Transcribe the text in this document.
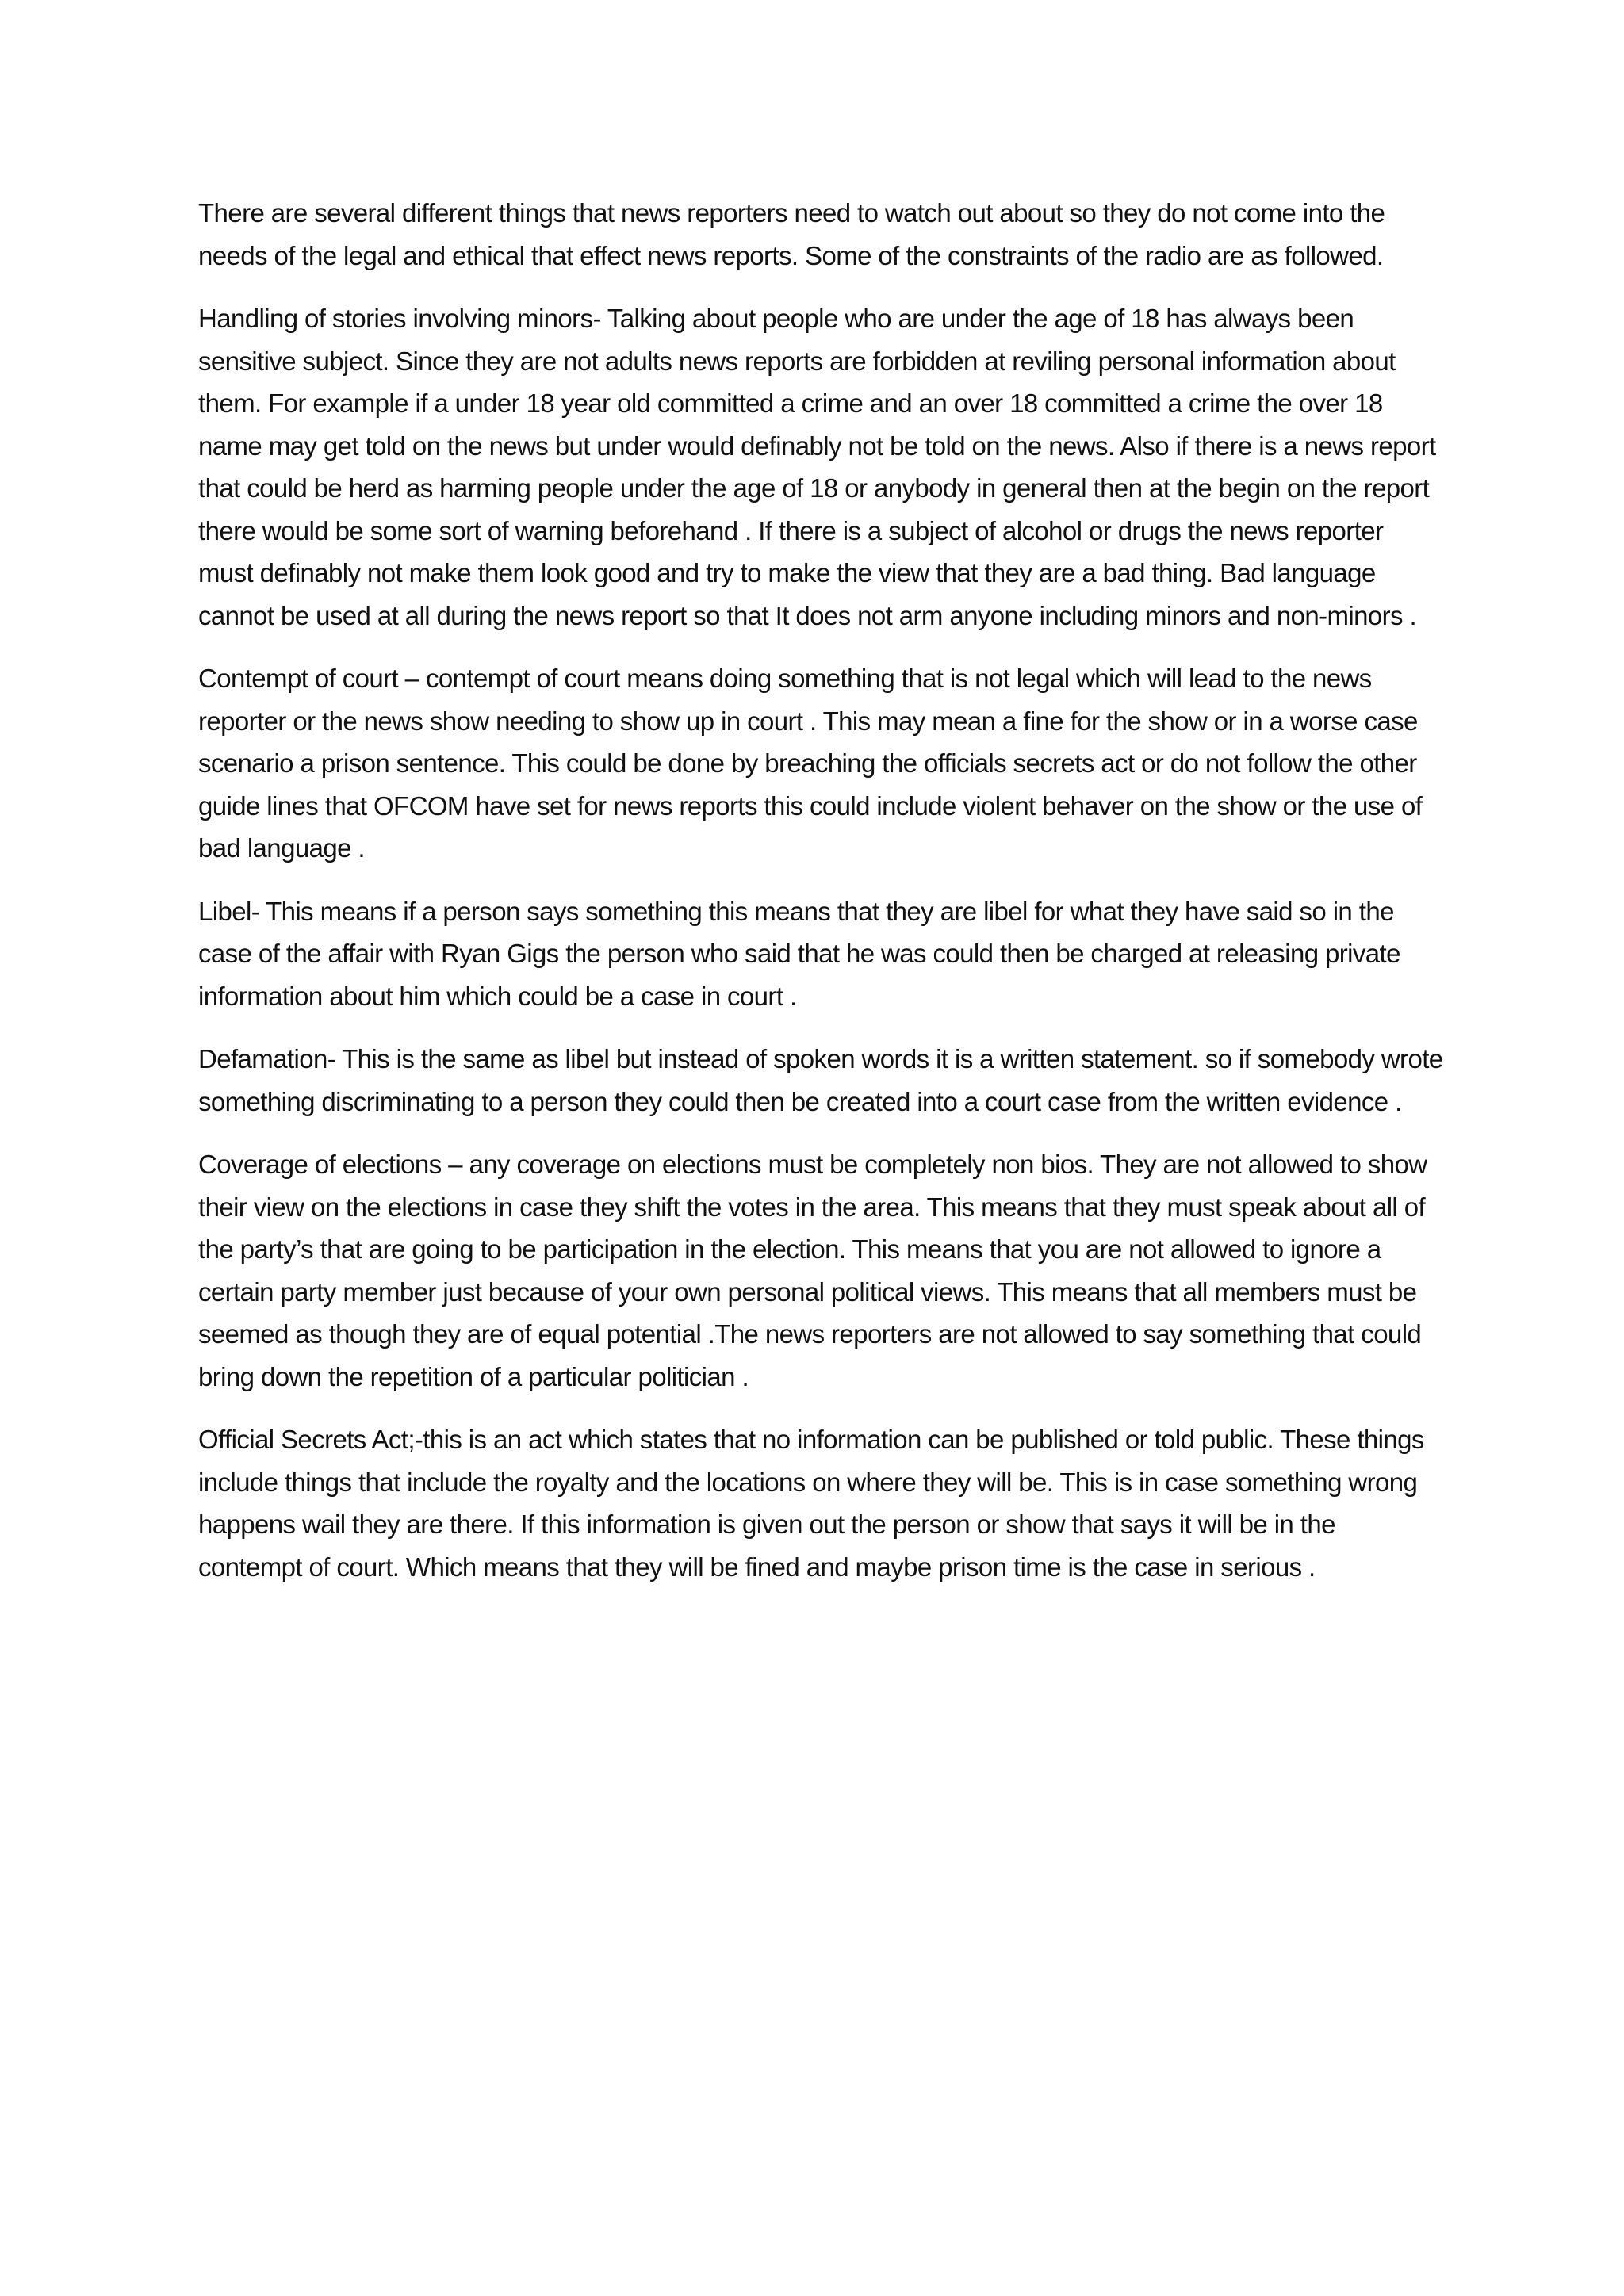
There are several different things that news reporters need to watch out about so they do not come into the needs of the legal and ethical that effect news reports. Some of the constraints of the radio are as followed.

Handling of stories involving minors- Talking about people who are under the age of 18 has always been sensitive subject. Since they are not adults news reports are forbidden at reviling personal information about them. For example if a under 18 year old committed a crime and an over 18 committed a crime the over 18 name may get told on the news but under would definably not be told on the news. Also if there is a news report that could be herd as harming people under the age of 18 or anybody in general then at the begin on the report there would be some sort of warning beforehand . If there is a subject of alcohol or drugs the news reporter must definably not make them look good and try to make the view that they are a bad thing. Bad language cannot be used at all during the news report so that It does not arm anyone including minors and non-minors .

Contempt of court – contempt of court means doing something that is not legal which will lead to the news reporter or the news show needing to show up in court . This may mean a fine for the show or in a worse case scenario a prison sentence. This could be done by breaching the officials secrets act or do not follow the other guide lines that OFCOM have set for news reports this could include violent behaver on the show or the use of bad language .

Libel- This means if a person says something this means that they are libel for what they have said so in the case of the affair with Ryan Gigs the person who said that he was could then be charged at releasing private information about him which could be a case in court .

Defamation- This is the same as libel but instead of spoken words it is a written statement. so if somebody wrote something discriminating to a person they could then be created into a court case from the written evidence .

Coverage of elections – any coverage on elections must be completely non bios. They are not allowed to show their view on the elections in case they shift the votes in the area. This means that they must speak about all of the party’s that are going to be participation in the election. This means that you are not allowed to ignore a certain party member just because of your own personal political views. This means that all members must be seemed as though they are of equal potential .The news reporters are not allowed to say something that could bring down the repetition of a particular politician .

Official Secrets Act;-this is an act which states that no information can be published or told public. These things include things that include the royalty and the locations on where they will be. This is in case something wrong happens wail they are there. If this information is given out the person or show that says it will be in the contempt of court. Which means that they will be fined and maybe prison time is the case in serious .
